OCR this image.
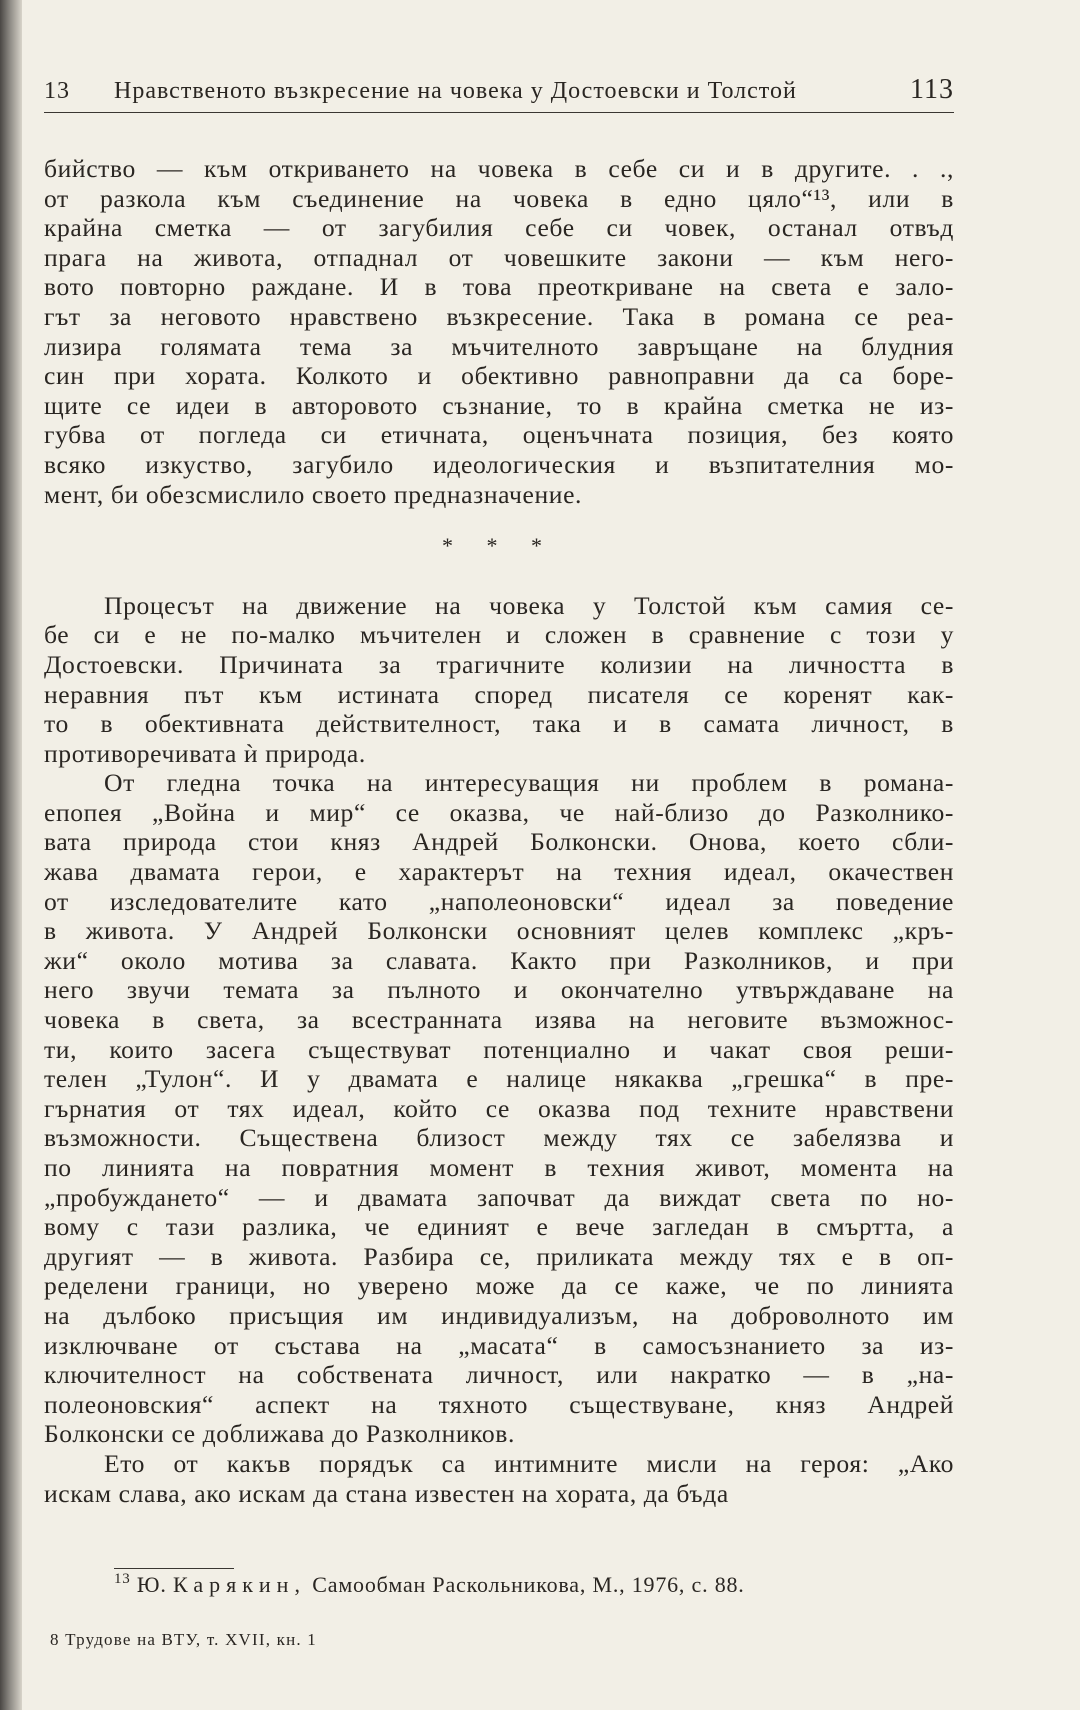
13 Нравственото възкресение на човека у Достоевски и Толстой	113
бийство — към откриването на човека в себе си и в другите. . .,
от разкола към съединение на човека в едно цяло“¹³, или в
крайна сметка — от загубилия себе си човек, останал отвъд
прага на живота, отпаднал от човешките закони — към него-
вото повторно раждане. И в това преоткриване на света е зало-
гът за неговото нравствено възкресение. Така в романа се реа-
лизира голямата тема за мъчителното завръщане на блудния
син при хората. Колкото и обективно равноправни да са боре-
щите се идеи в авторовото съзнание, то в крайна сметка не из-
губва от погледа си етичната, оценъчната позиция, без която
всяко изкуство, загубило идеологическия и възпитателния мо-
мент, би обезсмислило своето предназначение.
* * *
Процесът на движение на човека у Толстой към самия се-
бе си е не по-малко мъчителен и сложен в сравнение с този у
Достоевски. Причината за трагичните колизии на личността в
неравния път към истината според писателя се коренят как-
то в обективната действителност, така и в самата личност, в
противоречивата ѝ природа.
От гледна точка на интересуващия ни проблем в романа-
епопея „Война и мир“ се оказва, че най-близо до Разколнико-
вата природа стои княз Андрей Болконски. Онова, което сбли-
жава двамата герои, е характерът на техния идеал, окачествен
от изследователите като „наполеоновски“ идеал за поведение
в живота. У Андрей Болконски основният целев комплекс „кръ-
жи“ около мотива за славата. Както при Разколников, и при
него звучи темата за пълното и окончателно утвърждаване на
човека в света, за всестранната изява на неговите възможнос-
ти, които засега съществуват потенциално и чакат своя реши-
телен „Тулон“. И у двамата е налице някаква „грешка“ в пре-
гърнатия от тях идеал, който се оказва под техните нравствени
възможности. Съществена близост между тях се забелязва и
по линията на повратния момент в техния живот, момента на
„пробуждането“ — и двамата започват да виждат света по но-
вому с тази разлика, че единият е вече загледан в смъртта, а
другият — в живота. Разбира се, приликата между тях е в оп-
ределени граници, но уверено може да се каже, че по линията
на дълбоко присъщия им индивидуализъм, на доброволното им
изключване от състава на „масата“ в самосъзнанието за из-
ключителност на собствената личност, или накратко — в „на-
полеоновския“ аспект на тяхното съществуване, княз Андрей
Болконски се доближава до Разколников.
Ето от какъв порядък са интимните мисли на героя: „Ако
искам слава, ако искам да стана известен на хората, да бъда
$^{13}$ Ю. Карякин, Самообман Раскольникова, М., 1976, с. 88.
8 Трудове на ВТУ, т. XVII, кн. 1
